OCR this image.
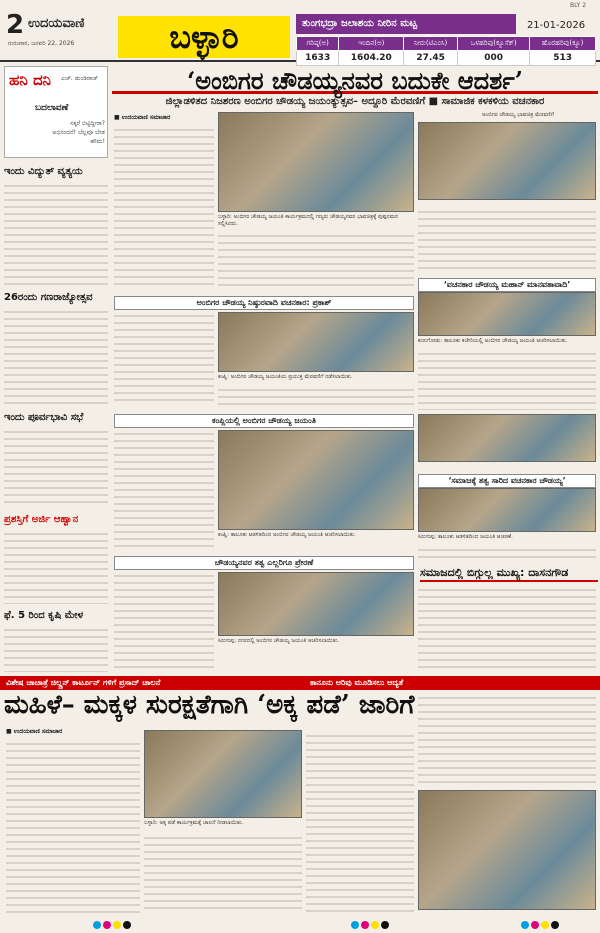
2 ಉದಯವಾಣಿ
ಗುರುವಾರ, ಜನವರಿ 22, 2026	ಬಳ್ಳಾರಿ
BLY 2
ತುಂಗಭದ್ರಾ ಜಲಾಶಯ ನೀರಿನ ಮಟ್ಟ	21-01-2026
ಗರಿಷ್ಠ(ಅ)	ಇಂದಿನ(ಅ)	ನೀರು(ಟಿಎಂಸಿ)	ಒಳಹರಿವು(ಕ್ಯೂಸೆಕ್)	ಹೊರಹರಿವು(ಕ್ಯೂ)
1633	1604.20	27.45	000	513
ಹನಿ ದನಿ ಎಚ್. ಡುಂಡಿರಾಜ್
ಬದಲಾವಣೆ
ಸಕ್ಕರೆ ಬಿಟ್ಟಿದ್ದೀರಾ? ಅಭಿನಂದನೆ! ಬೆಲ್ಲವೂ ಬೇಡ ಹೌದು!
ಇಂದು ವಿದ್ಯುತ್ ವ್ಯತ್ಯಯ
26ರಂದು ಗಣರಾಜ್ಯೋತ್ಸವ
ಇಂದು ಪೂರ್ವಭಾವಿ ಸಭೆ
ಪ್ರಶಸ್ತಿಗೆ ಅರ್ಜಿ ಆಹ್ವಾನ
ಫೆ. 5 ರಿಂದ ಕೃಷಿ ಮೇಳ
‘ಅಂಬಿಗರ ಚೌಡಯ್ಯನವರ ಬದುಕೇ ಆದರ್ಶ’
ಜಿಲ್ಲಾಡಳಿತದ ನಿಜಶರಣ ಅಂಬಿಗರ ಚೌಡಯ್ಯ ಜಯಂತ್ಯುತ್ಸವ– ಅದ್ದೂರಿ ಮೆರವಣಿಗೆ ■ ಸಾಮಾಜಿಕ ಕಳಕಳಿಯ ವಚನಕಾರ
■ ಉದಯವಾಣಿ ಸಮಾಚಾರ
ಬಳ್ಳಾರಿ: ಅಂಬಿಗರ ಚೌಡಯ್ಯ ಜಯಂತಿ ಕಾರ್ಯಕ್ರಮದಲ್ಲಿ ಗಣ್ಯರು ಚೌಡಯ್ಯನವರ ಭಾವಚಿತ್ರಕ್ಕೆ ಪುಷ್ಪನಮನ ಸಲ್ಲಿಸಿದರು.
ಅಂಬಿಗರ ಚೌಡಯ್ಯ ಭಾವಚಿತ್ರ ಮೆರವಣಿಗೆ
ಅಂಬಿಗರ ಚೌಡಯ್ಯ ನಿಷ್ಠುರವಾದಿ ವಚನಕಾರ: ಪ್ರಕಾಶ್
ಕಂಪ್ಲಿ: ಅಂಬಿಗರ ಚೌಡಯ್ಯ ಜಯಂತಿಯ ಪ್ರಯುಕ್ತ ಮೆರವಣಿಗೆ ನಡೆಸಲಾಯಿತು.
ಕಂಪ್ಲಿಯಲ್ಲಿ ಅಂಬಿಗರ ಚೌಡಯ್ಯ ಜಯಂತಿ
ಕಂಪ್ಲಿ: ತಾಲೂಕು ಆಡಳಿತದಿಂದ ಅಂಬಿಗರ ಚೌಡಯ್ಯ ಜಯಂತಿ ಆಚರಿಸಲಾಯಿತು.
ಚೌಡಯ್ಯನವರ ತತ್ವ ಎಲ್ಲರಿಗೂ ಪ್ರೇರಣೆ
ಸಿರುಗುಪ್ಪ: ನಗರದಲ್ಲಿ ಅಂಬಿಗರ ಚೌಡಯ್ಯ ಜಯಂತಿ ಆಚರಿಸಲಾಯಿತು.
‘ವಚನಕಾರ ಚೌಡಯ್ಯ ಮಹಾನ್ ಮಾನವತಾವಾದಿ’
ಕುರುಗೋಡು: ತಾಲೂಕು ಕಚೇರಿಯಲ್ಲಿ ಅಂಬಿಗರ ಚೌಡಯ್ಯ ಜಯಂತಿ ಆಚರಿಸಲಾಯಿತು.
‘ಸಮಾಜಕ್ಕೆ ತತ್ವ ಸಾರಿದ ವಚನಕಾರ ಚೌಡಯ್ಯ’
ಸಿರುಗುಪ್ಪ: ತಾಲೂಕು ಆಡಳಿತದಿಂದ ಜಯಂತಿ ಆಚರಣೆ.
ಸಮಾಜದಲ್ಲಿ ಬಿಗ್ಗುಲ್ಲ ಮುಖ್ಯ: ದಾಸನಗೌಡ
ವಿಶೇಷ ಚಾಚಾತ್ರೆ ಚಿಲ್ಡ್ರನ್ ಕಾರ್ಟೂನ್ ಗಳಿಗೆ ಪ್ರಸಾದ್ ಚಾಲನೆ	ಕಾನೂನು ಅರಿವು ಮೂಡಿಸಲು ಆದ್ಯತೆ
ಮಹಿಳೆ– ಮಕ್ಕಳ ಸುರಕ್ಷತೆಗಾಗಿ ‘ಅಕ್ಕ ಪಡೆ’ ಜಾರಿಗೆ
■ ಉದಯವಾಣಿ ಸಮಾಚಾರ
ಬಳ್ಳಾರಿ: ಅಕ್ಕ ಪಡೆ ಕಾರ್ಯಕ್ರಮಕ್ಕೆ ಚಾಲನೆ ನೀಡಲಾಯಿತು.
